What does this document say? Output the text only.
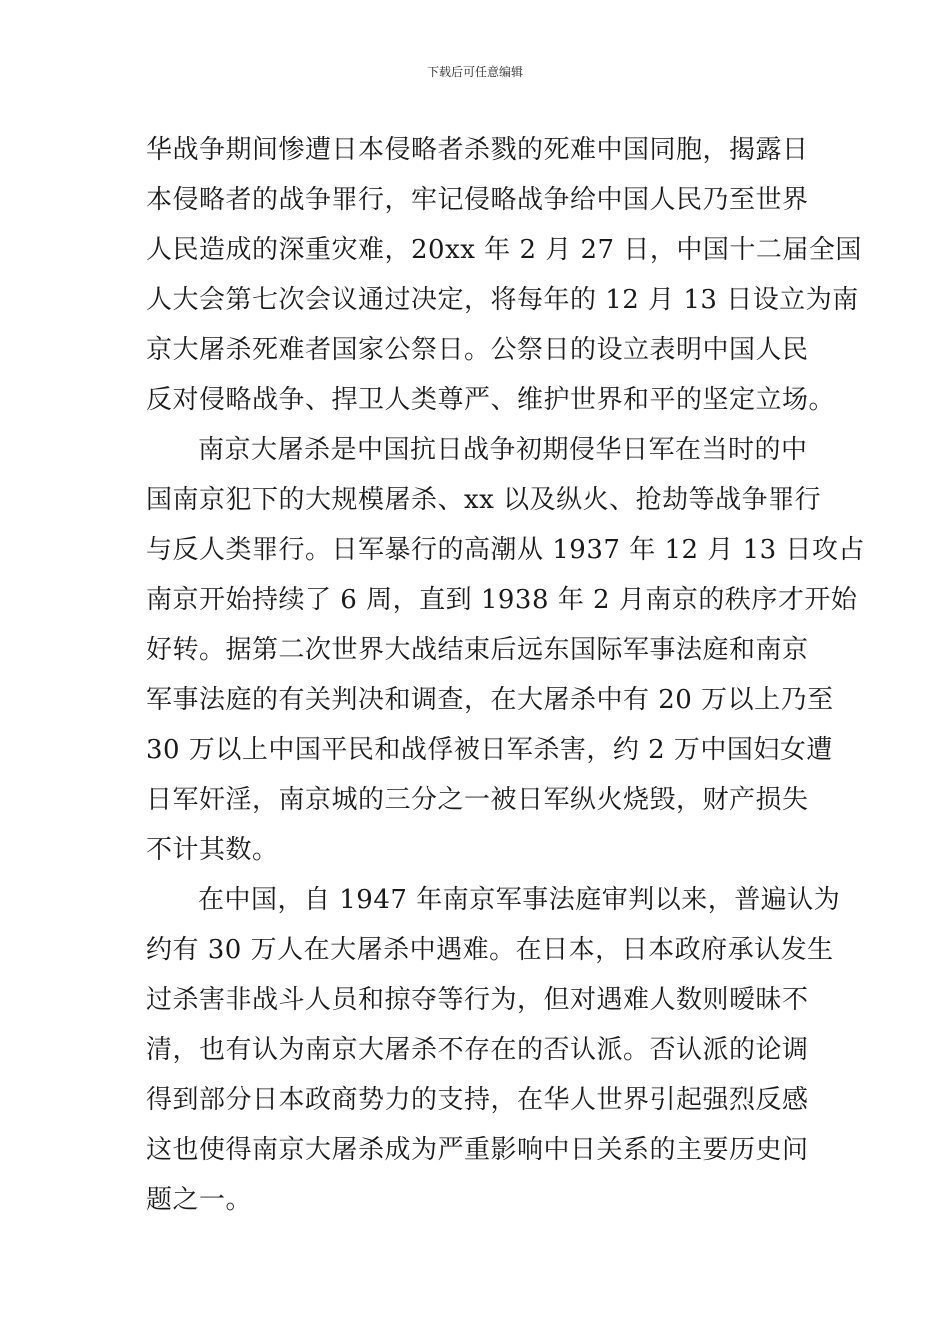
下载后可任意编辑
华战争期间惨遭日本侵略者杀戮的死难中国同胞，揭露日
本侵略者的战争罪行，牢记侵略战争给中国人民乃至世界
人民造成的深重灾难，20xx 年 2 月 27 日，中国十二届全国
人大会第七次会议通过决定，将每年的 12 月 13 日设立为南
京大屠杀死难者国家公祭日。公祭日的设立表明中国人民
反对侵略战争、捍卫人类尊严、维护世界和平的坚定立场。
南京大屠杀是中国抗日战争初期侵华日军在当时的中
国南京犯下的大规模屠杀、xx 以及纵火、抢劫等战争罪行
与反人类罪行。日军暴行的高潮从 1937 年 12 月 13 日攻占
南京开始持续了 6 周，直到 1938 年 2 月南京的秩序才开始
好转。据第二次世界大战结束后远东国际军事法庭和南京
军事法庭的有关判决和调查，在大屠杀中有 20 万以上乃至
30 万以上中国平民和战俘被日军杀害，约 2 万中国妇女遭
日军奸淫，南京城的三分之一被日军纵火烧毁，财产损失
不计其数。
在中国，自 1947 年南京军事法庭审判以来，普遍认为
约有 30 万人在大屠杀中遇难。在日本，日本政府承认发生
过杀害非战斗人员和掠夺等行为，但对遇难人数则暧昧不
清，也有认为南京大屠杀不存在的否认派。否认派的论调
得到部分日本政商势力的支持，在华人世界引起强烈反感
这也使得南京大屠杀成为严重影响中日关系的主要历史问
题之一。
